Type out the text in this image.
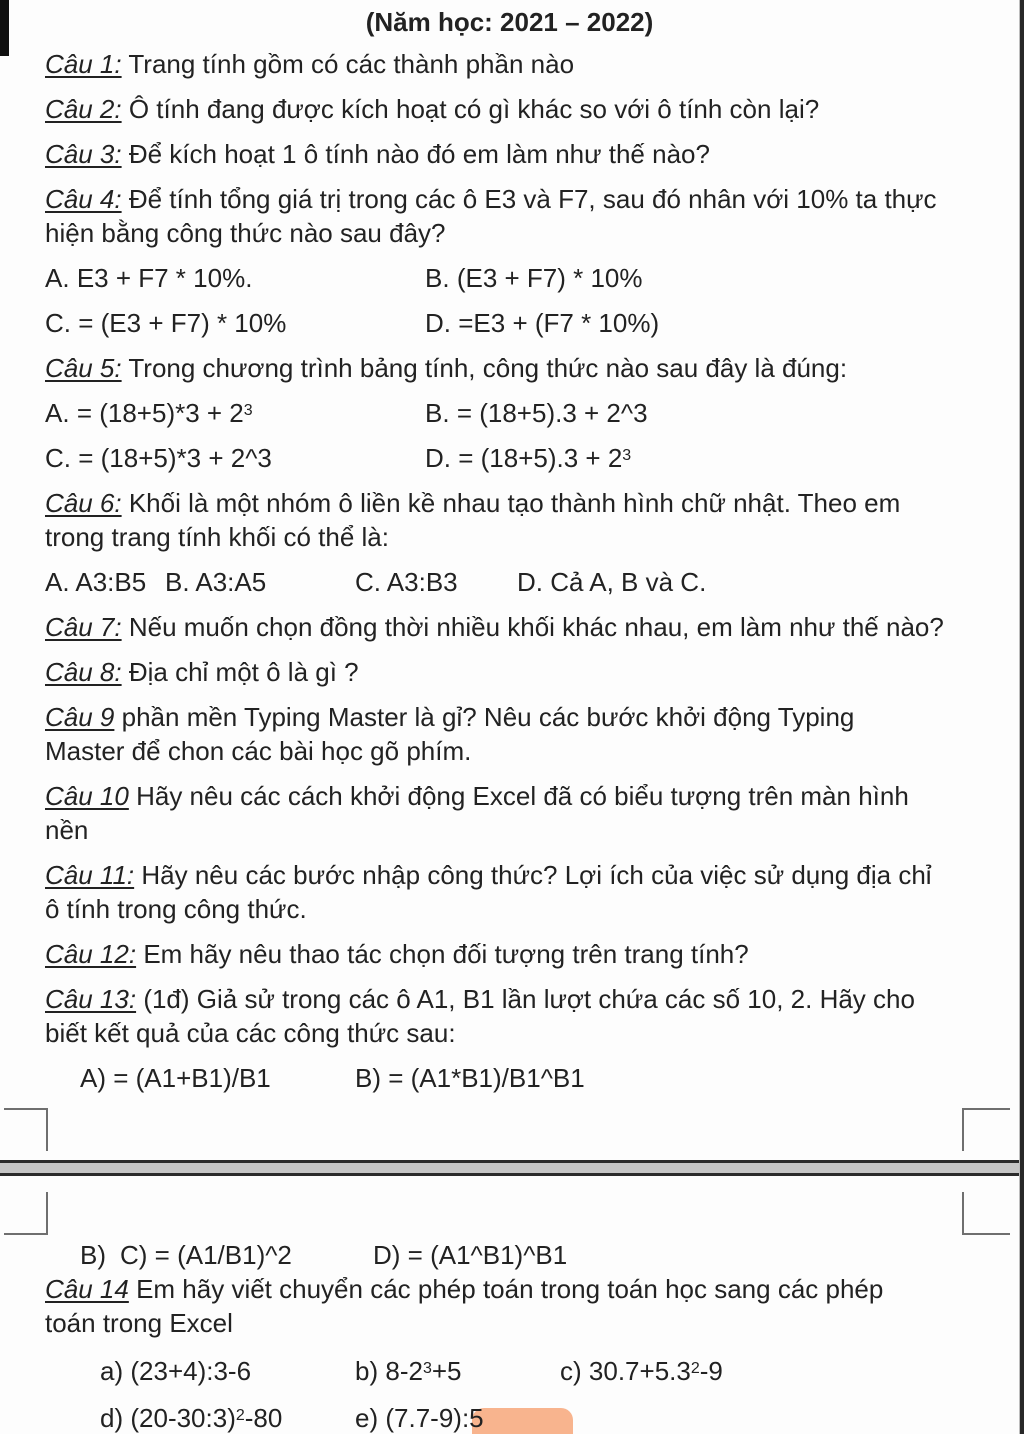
(Năm học: 2021 – 2022)

Câu 1: Trang tính gồm có các thành phần nào

Câu 2: Ô tính đang được kích hoạt có gì khác so với ô tính còn lại?

Câu 3: Để kích hoạt 1 ô tính nào đó em làm như thế nào?

Câu 4: Để tính tổng giá trị trong các ô E3 và F7, sau đó nhân với 10% ta thực
hiện bằng công thức nào sau đây?

A. E3 + F7 * 10%.	B. (E3 + F7) * 10%
C. = (E3 + F7) * 10%	D. =E3 + (F7 * 10%)

Câu 5: Trong chương trình bảng tính, công thức nào sau đây là đúng:

A. = $(18+5)*3 + 2^3$	B. = (18+5).3 + 2^3
C. = (18+5)*3 + 2^3	D. = $(18+5).3 + 2^3$

Câu 6: Khối là một nhóm ô liền kề nhau tạo thành hình chữ nhật. Theo em
trong trang tính khối có thể là:

A. A3:B5 B. A3:A5	C. A3:B3	D. Cả A, B và C.

Câu 7: Nếu muốn chọn đồng thời nhiều khối khác nhau, em làm như thế nào?

Câu 8: Địa chỉ một ô là gì ?

Câu 9 phần mền Typing Master là gỉ? Nêu các bước khởi động Typing
Master để chon các bài học gõ phím.

Câu 10 Hãy nêu các cách khởi động Excel đã có biểu tượng trên màn hình
nền

Câu 11: Hãy nêu các bước nhập công thức? Lợi ích của việc sử dụng địa chỉ
ô tính trong công thức.

Câu 12: Em hãy nêu thao tác chọn đối tượng trên trang tính?

Câu 13: (1đ) Giả sử trong các ô A1, B1 lần lượt chứa các số 10, 2. Hãy cho
biết kết quả của các công thức sau:

A) = (A1+B1)/B1	B) = (A1*B1)/B1^B1
B) C) = (A1/B1)^2	D) = (A1^B1)^B1

Câu 14 Em hãy viết chuyển các phép toán trong toán học sang các phép
toán trong Excel

a) (23+4):3-6	b) $8-2^3+5$	c) $30.7+5.3^2-9$
d) (20-30:3)$^2$-80	e) (7.7-9):5
